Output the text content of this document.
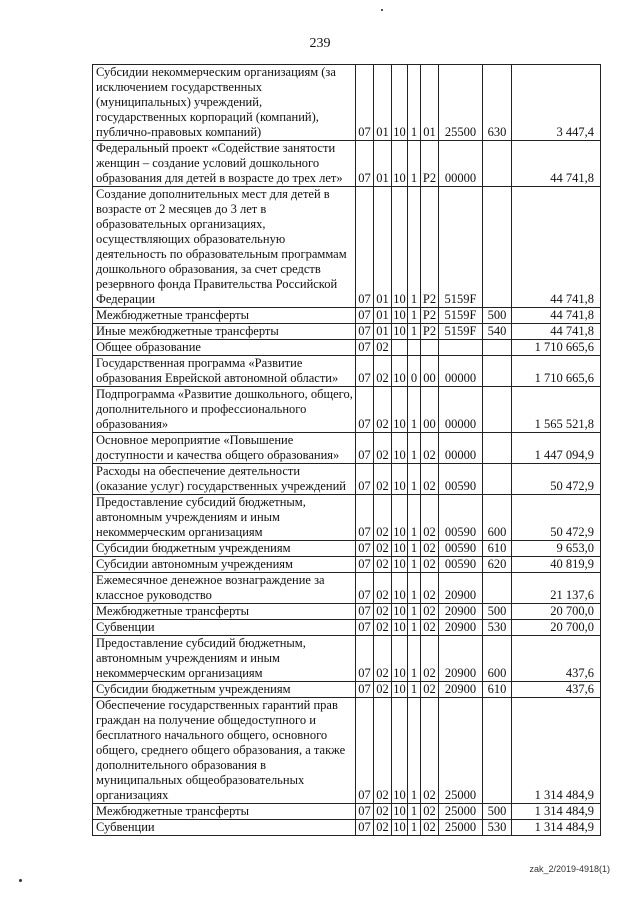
239
Субсидии некоммерческим организациям (за исключением государственных (муниципальных) учреждений, государственных корпораций (компаний), публично-правовых компаний)	07	01	10	1	01	25500	630	3 447,4
Федеральный проект «Содействие занятости женщин – создание условий дошкольного образования для детей в возрасте до трех лет»	07	01	10	1	P2	00000		44 741,8
Создание дополнительных мест для детей в возрасте от 2 месяцев до 3 лет в образовательных организациях, осуществляющих образовательную деятельность по образовательным программам дошкольного образования, за счет средств резервного фонда Правительства Российской Федерации	07	01	10	1	P2	5159F		44 741,8
Межбюджетные трансферты	07	01	10	1	P2	5159F	500	44 741,8
Иные межбюджетные трансферты	07	01	10	1	P2	5159F	540	44 741,8
Общее образование	07	02						1 710 665,6
Государственная программа «Развитие образования Еврейской автономной области»	07	02	10	0	00	00000		1 710 665,6
Подпрограмма «Развитие дошкольного, общего, дополнительного и профессионального образования»	07	02	10	1	00	00000		1 565 521,8
Основное мероприятие «Повышение доступности и качества общего образования»	07	02	10	1	02	00000		1 447 094,9
Расходы на обеспечение деятельности (оказание услуг) государственных учреждений	07	02	10	1	02	00590		50 472,9
Предоставление субсидий бюджетным, автономным учреждениям и иным некоммерческим организациям	07	02	10	1	02	00590	600	50 472,9
Субсидии бюджетным учреждениям	07	02	10	1	02	00590	610	9 653,0
Субсидии автономным учреждениям	07	02	10	1	02	00590	620	40 819,9
Ежемесячное денежное вознаграждение за классное руководство	07	02	10	1	02	20900		21 137,6
Межбюджетные трансферты	07	02	10	1	02	20900	500	20 700,0
Субвенции	07	02	10	1	02	20900	530	20 700,0
Предоставление субсидий бюджетным, автономным учреждениям и иным некоммерческим организациям	07	02	10	1	02	20900	600	437,6
Субсидии бюджетным учреждениям	07	02	10	1	02	20900	610	437,6
Обеспечение государственных гарантий прав граждан на получение общедоступного и бесплатного начального общего, основного общего, среднего общего образования, а также дополнительного образования в муниципальных общеобразовательных организациях	07	02	10	1	02	25000		1 314 484,9
Межбюджетные трансферты	07	02	10	1	02	25000	500	1 314 484,9
Субвенции	07	02	10	1	02	25000	530	1 314 484,9
zak_2/2019-4918(1)
